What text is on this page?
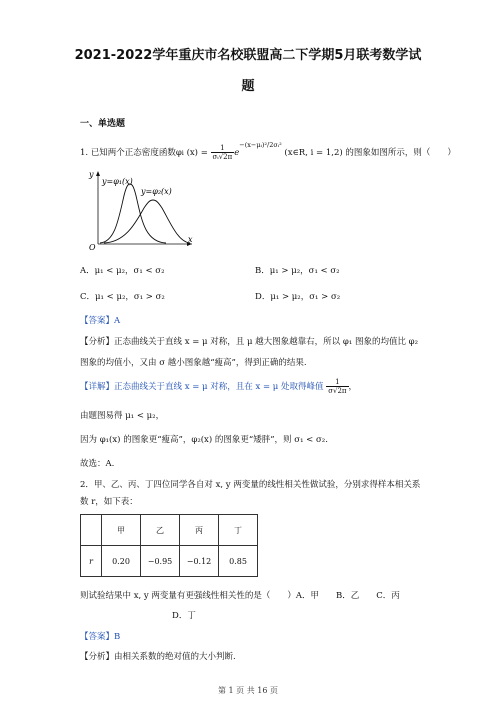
2021-2022学年重庆市名校联盟高二下学期5月联考数学试
题
一、单选题
1. 已知两个正态密度函数φi $(x) = \frac{1}{\text{σᵢ√2π}} e^{-(x-\mu ᵢ)^2/2\sigma ᵢ^2}$ (x∈R, i = 1,2) 的图象如图所示，则（　　）
y
x
O
y=φ₁(x)
y=φ₂(x)
A．μ₁ < μ₂，σ₁ < σ₂	B．μ₁ > μ₂，σ₁ < σ₂
C．μ₁ < μ₂，σ₁ > σ₂	D．μ₁ > μ₂，σ₁ > σ₂
【答案】A
【分析】正态曲线关于直线 x = μ 对称，且 μ 越大图象越靠右，所以 φ₁ 图象的均值比 φ₂
图象的均值小，又由 σ 越小图象越“瘦高”，得到正确的结果.
【详解】正态曲线关于直线 x = μ 对称，且在 x = μ 处取得峰值 $\frac{1}{\sigma√2\pi}$ ，
由题图易得 μ₁ < μ₂，
因为 φ₁(x) 的图象更“瘦高”，φ₂(x) 的图象更“矮胖”，则 σ₁ < σ₂.
故选：A.
2．甲、乙、丙、丁四位同学各自对 x, y 两变量的线性相关性做试验，分别求得样本相关系
数 r，如下表：
	甲	乙	丙	丁
r	0.20	−0.95	−0.12	0.85
则试验结果中 x, y 两变量有更强线性相关性的是（　　）A．甲　　B．乙　　C．丙
D．丁
【答案】B
【分析】由相关系数的绝对值的大小判断.
第 1 页 共 16 页
